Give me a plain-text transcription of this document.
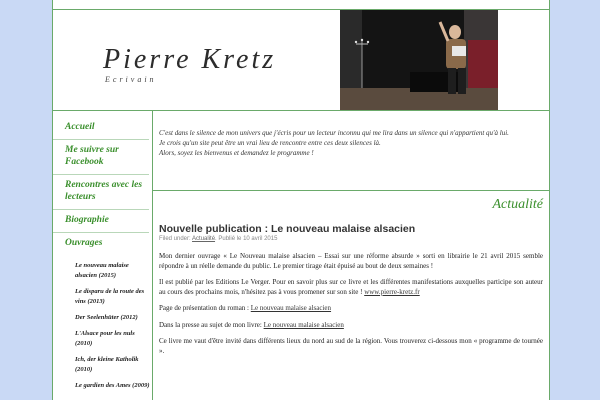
Pierre Kretz
Ecrivain
Accueil
Me suivre sur Facebook
Rencontres avec les lecteurs
Biographie
Ouvrages
Le nouveau malaise alsacien (2015)
Le disparu de la route des vins (2013)
Der Seelenhüter (2012)
L'Alsace pour les nuls (2010)
Ich, der kleine Katholik (2010)
Le gardien des Ames (2009)

C'est dans le silence de mon univers que j'écris pour un lecteur inconnu qui me lira dans un silence qui n'appartient qu'à lui.

Je crois qu'un site peut être un vrai lieu de rencontre entre ces deux silences là.

Alors, soyez les bienvenus et demandez le programme !

Actualité
Nouvelle publication : Le nouveau malaise alsacien
Filed under: Actualité. Publié le 10 avril 2015

Mon dernier ouvrage « Le Nouveau malaise alsacien – Essai sur une réforme absurde » sorti en librairie le 21 avril 2015 semble répondre à un réelle demande du public. Le premier tirage était épuisé au bout de deux semaines !

Il est publié par les Editions Le Verger. Pour en savoir plus sur ce livre et les différentes manifestations auxquelles participe son auteur au cours des prochains mois, n'hésitez pas à vous promener sur son site ! www.pierre-kretz.fr

Page de présentation du roman : Le nouveau malaise alsacien

Dans la presse au sujet de mon livre: Le nouveau malaise alsacien

Ce livre me vaut d'être invité dans différents lieux du nord au sud de la région. Vous trouverez ci-dessous mon « programme de tournée ».
